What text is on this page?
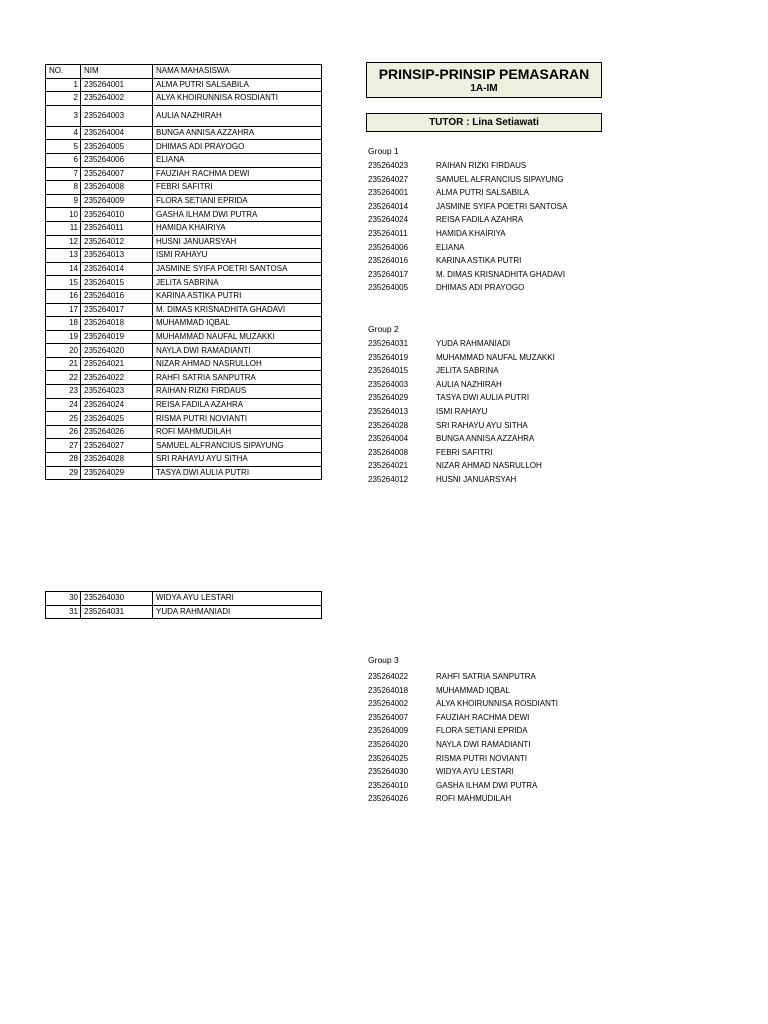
NO.	NIM	NAMA MAHASISWA
1	235264001	ALMA PUTRI SALSABILA
2	235264002	ALYA KHOIRUNNISA ROSDIANTI
3	235264003	AULIA NAZHIRAH
4	235264004	BUNGA ANNISA AZZAHRA
5	235264005	DHIMAS ADI PRAYOGO
6	235264006	ELIANA
7	235264007	FAUZIAH RACHMA DEWI
8	235264008	FEBRI SAFITRI
9	235264009	FLORA SETIANI EPRIDA
10	235264010	GASHA ILHAM DWI PUTRA
11	235264011	HAMIDA KHAIRIYA
12	235264012	HUSNI JANUARSYAH
13	235264013	ISMI RAHAYU
14	235264014	JASMINE SYIFA POETRI SANTOSA
15	235264015	JELITA SABRINA
16	235264016	KARINA ASTIKA PUTRI
17	235264017	M. DIMAS KRISNADHITA GHADAVI
18	235264018	MUHAMMAD IQBAL
19	235264019	MUHAMMAD NAUFAL MUZAKKI
20	235264020	NAYLA DWI RAMADIANTI
21	235264021	NIZAR AHMAD NASRULLOH
22	235264022	RAHFI SATRIA SANPUTRA
23	235264023	RAIHAN RIZKI FIRDAUS
24	235264024	REISA FADILA AZAHRA
25	235264025	RISMA PUTRI NOVIANTI
26	235264026	ROFI MAHMUDILAH
27	235264027	SAMUEL ALFRANCIUS SIPAYUNG
28	235264028	SRI RAHAYU AYU SITHA
29	235264029	TASYA DWI AULIA PUTRI
30	235264030	WIDYA AYU LESTARI
31	235264031	YUDA RAHMANIADI
PRINSIP-PRINSIP PEMASARAN
1A-IM
TUTOR : Lina Setiawati
Group 1
235264023	RAIHAN RIZKI FIRDAUS
235264027	SAMUEL ALFRANCIUS SIPAYUNG
235264001	ALMA PUTRI SALSABILA
235264014	JASMINE SYIFA POETRI SANTOSA
235264024	REISA FADILA AZAHRA
235264011	HAMIDA KHAIRIYA
235264006	ELIANA
235264016	KARINA ASTIKA PUTRI
235264017	M. DIMAS KRISNADHITA GHADAVI
235264005	DHIMAS ADI PRAYOGO
Group 2
235264031	YUDA RAHMANIADI
235264019	MUHAMMAD NAUFAL MUZAKKI
235264015	JELITA SABRINA
235264003	AULIA NAZHIRAH
235264029	TASYA DWI AULIA PUTRI
235264013	ISMI RAHAYU
235264028	SRI RAHAYU AYU SITHA
235264004	BUNGA ANNISA AZZAHRA
235264008	FEBRI SAFITRI
235264021	NIZAR AHMAD NASRULLOH
235264012	HUSNI JANUARSYAH
Group 3
235264022	RAHFI SATRIA SANPUTRA
235264018	MUHAMMAD IQBAL
235264002	ALYA KHOIRUNNISA ROSDIANTI
235264007	FAUZIAH RACHMA DEWI
235264009	FLORA SETIANI EPRIDA
235264020	NAYLA DWI RAMADIANTI
235264025	RISMA PUTRI NOVIANTI
235264030	WIDYA AYU LESTARI
235264010	GASHA ILHAM DWI PUTRA
235264026	ROFI MAHMUDILAH
